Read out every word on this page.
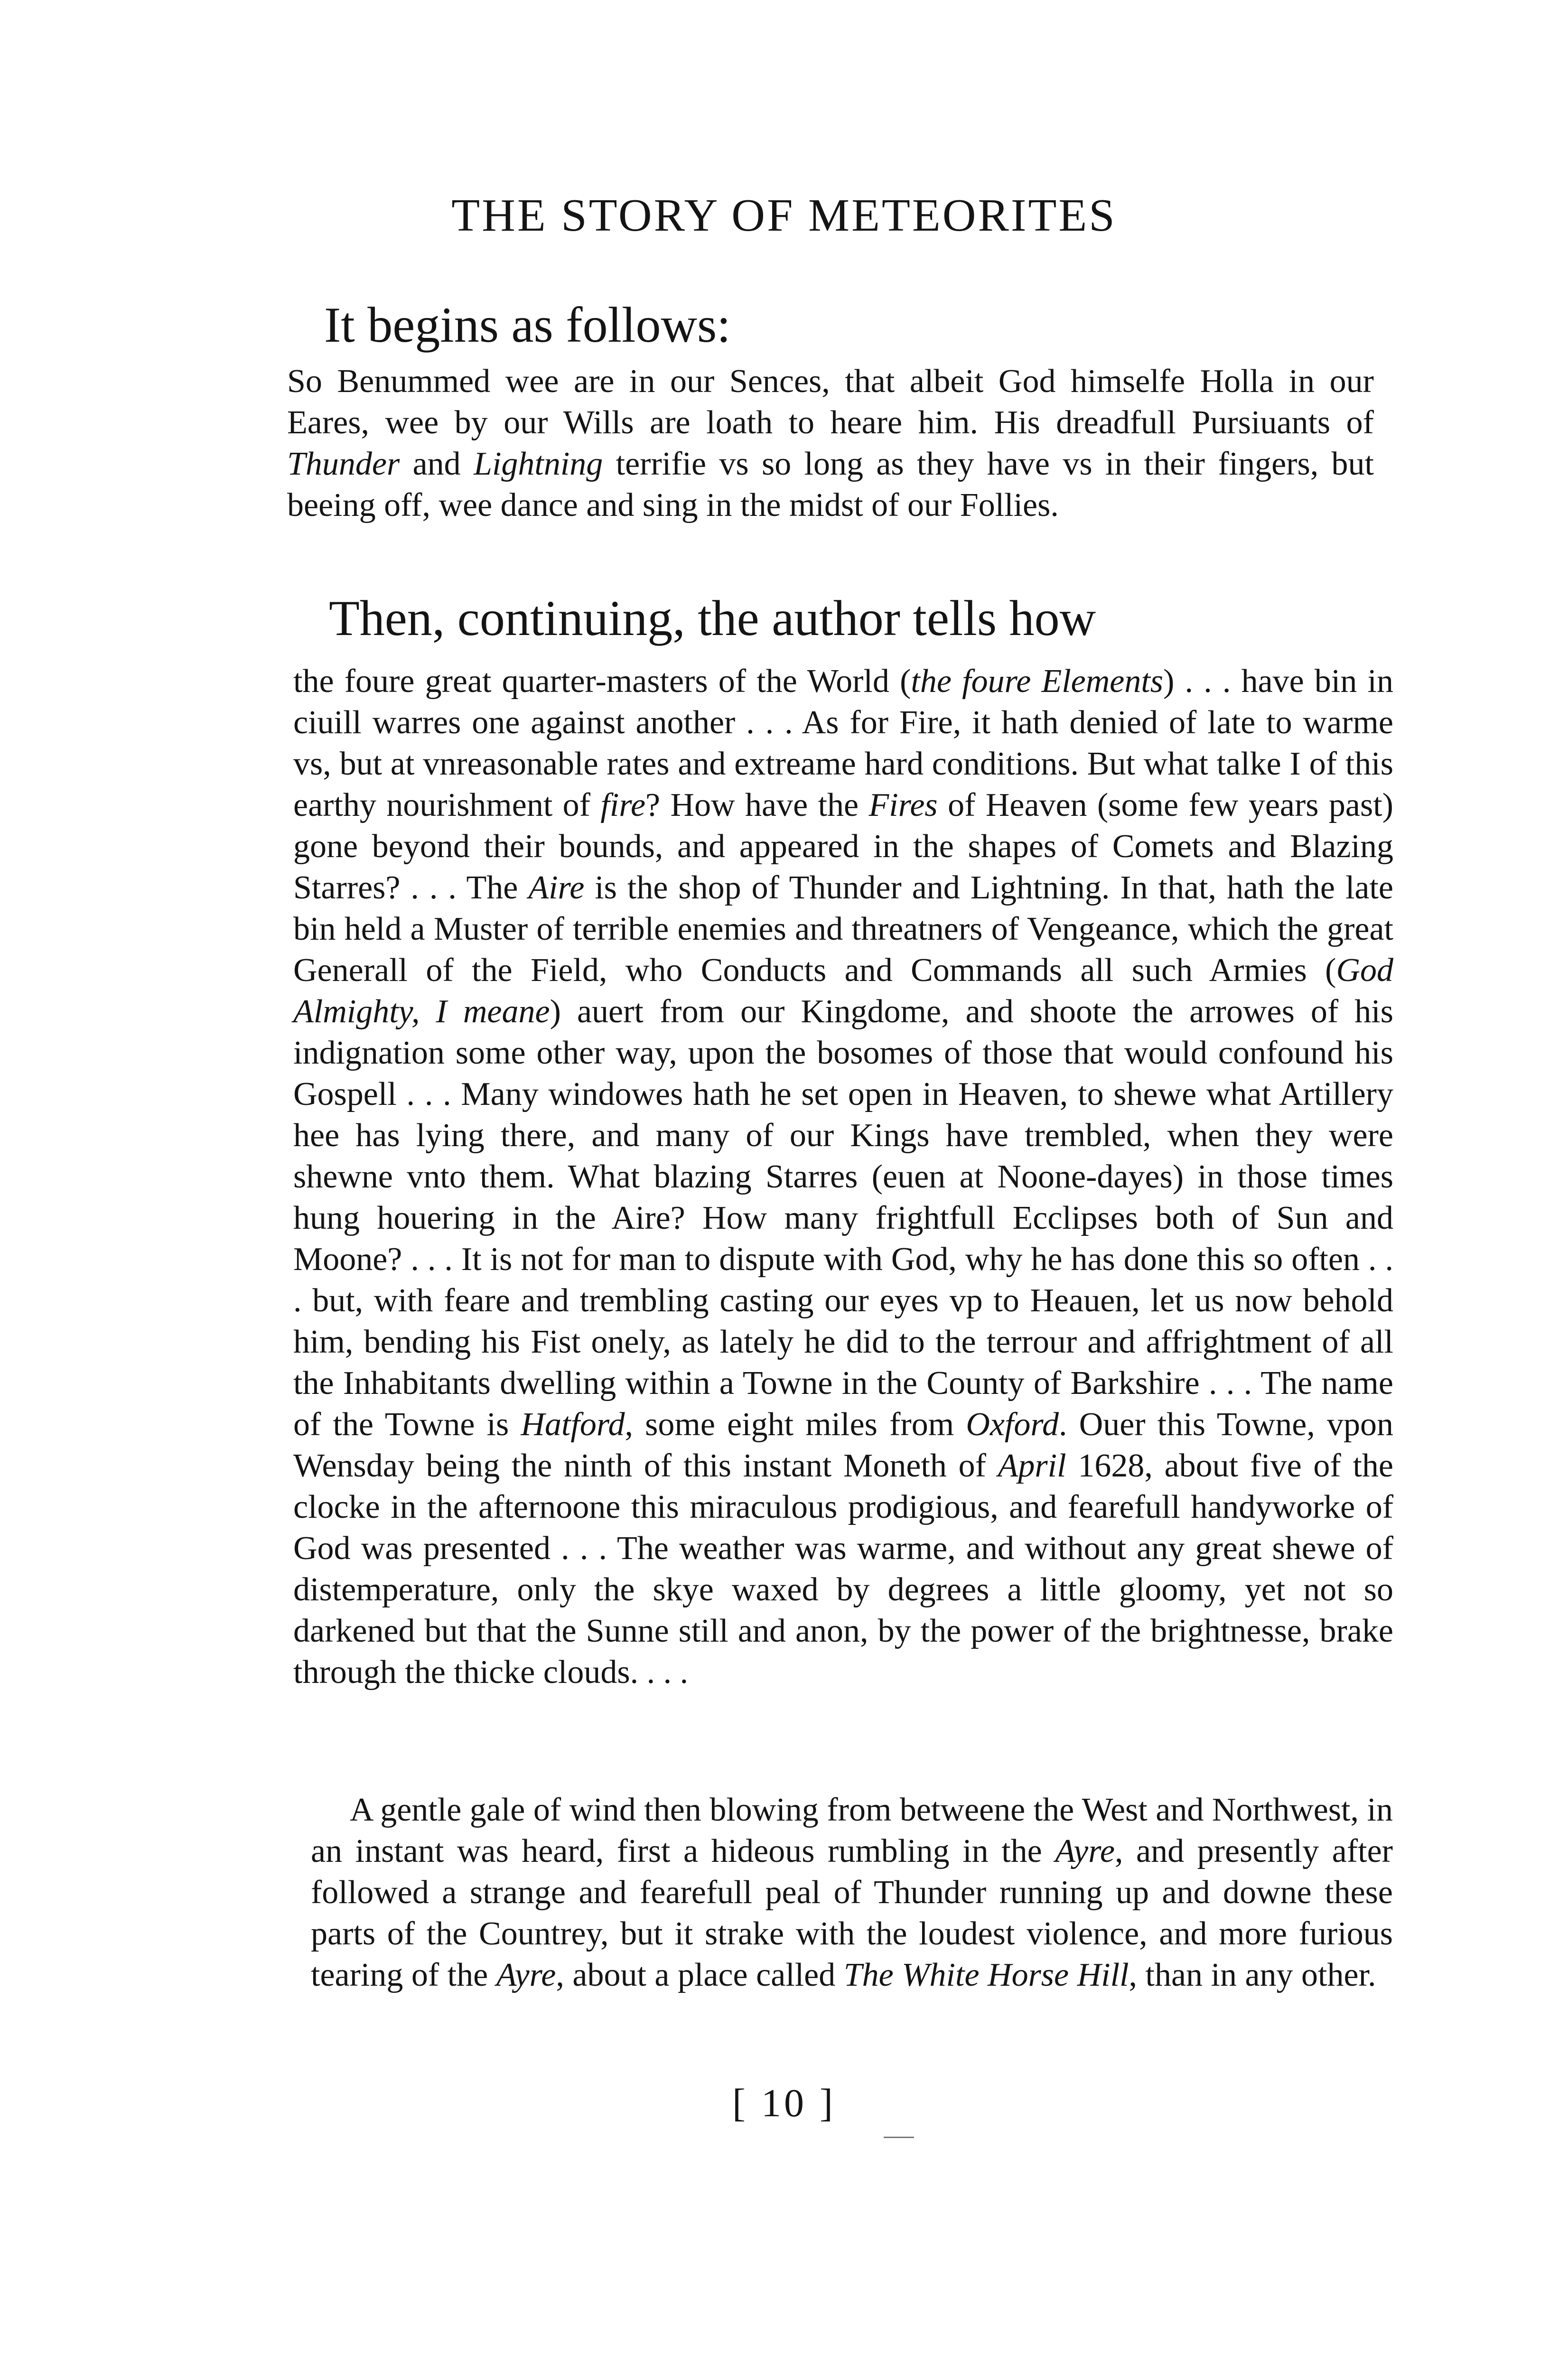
THE STORY OF METEORITES

It begins as follows:

So Benummed wee are in our Sences, that albeit God himselfe Holla in our Eares, wee by our Wills are loath to heare him. His dreadfull Pursiuants of Thunder and Lightning terrifie vs so long as they have vs in their fingers, but beeing off, wee dance and sing in the midst of our Follies.

Then, continuing, the author tells how

the foure great quarter-masters of the World (the foure Elements) . . . have bin in ciuill warres one against another . . . As for Fire, it hath denied of late to warme vs, but at vnreasonable rates and extreame hard conditions. But what talke I of this earthy nourishment of fire? How have the Fires of Heaven (some few years past) gone beyond their bounds, and appeared in the shapes of Comets and Blazing Starres? . . . The Aire is the shop of Thunder and Lightning. In that, hath the late bin held a Muster of terrible enemies and threatners of Vengeance, which the great Generall of the Field, who Conducts and Commands all such Armies (God Almighty, I meane) auert from our Kingdome, and shoote the arrowes of his indignation some other way, upon the bosomes of those that would confound his Gospell . . . Many windowes hath he set open in Heaven, to shewe what Artillery hee has lying there, and many of our Kings have trembled, when they were shewne vnto them. What blazing Starres (euen at Noone-dayes) in those times hung houering in the Aire? How many frightfull Ecclipses both of Sun and Moone? . . . It is not for man to dispute with God, why he has done this so often . . . but, with feare and trembling casting our eyes vp to Heauen, let us now behold him, bending his Fist onely, as lately he did to the terrour and affrightment of all the Inhabitants dwelling within a Towne in the County of Barkshire . . . The name of the Towne is Hatford, some eight miles from Oxford. Ouer this Towne, vpon Wensday being the ninth of this instant Moneth of April 1628, about five of the clocke in the afternoone this miraculous prodigious, and fearefull handyworke of God was presented . . . The weather was warme, and without any great shewe of distemperature, only the skye waxed by degrees a little gloomy, yet not so darkened but that the Sunne still and anon, by the power of the brightnesse, brake through the thicke clouds. . . .

A gentle gale of wind then blowing from betweene the West and Northwest, in an instant was heard, first a hideous rumbling in the Ayre, and presently after followed a strange and fearefull peal of Thunder running up and downe these parts of the Countrey, but it strake with the loudest violence, and more furious tearing of the Ayre, about a place called The White Horse Hill, than in any other.

[ 10 ]
